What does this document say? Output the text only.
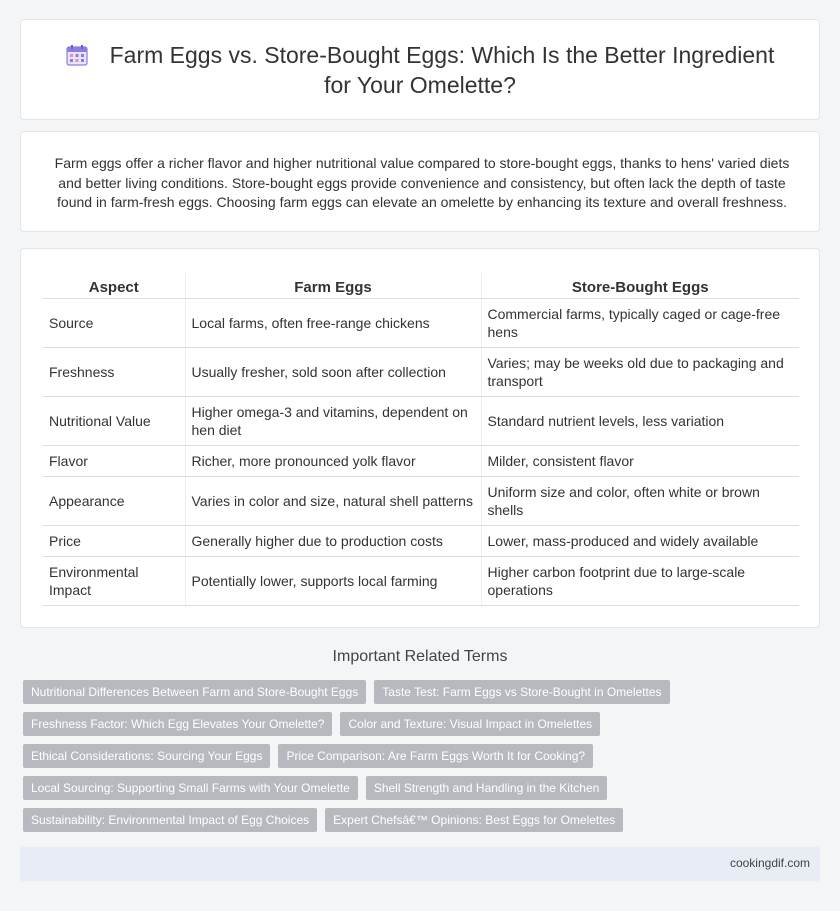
Farm Eggs vs. Store-Bought Eggs: Which Is the Better Ingredient for Your Omelette?

Farm eggs offer a richer flavor and higher nutritional value compared to store-bought eggs, thanks to hens' varied diets and better living conditions. Store-bought eggs provide convenience and consistency, but often lack the depth of taste found in farm-fresh eggs. Choosing farm eggs can elevate an omelette by enhancing its texture and overall freshness.

Aspect	Farm Eggs	Store-Bought Eggs
Source	Local farms, often free-range chickens	Commercial farms, typically caged or cage-free hens
Freshness	Usually fresher, sold soon after collection	Varies; may be weeks old due to packaging and transport
Nutritional Value	Higher omega-3 and vitamins, dependent on hen diet	Standard nutrient levels, less variation
Flavor	Richer, more pronounced yolk flavor	Milder, consistent flavor
Appearance	Varies in color and size, natural shell patterns	Uniform size and color, often white or brown shells
Price	Generally higher due to production costs	Lower, mass-produced and widely available
Environmental Impact	Potentially lower, supports local farming	Higher carbon footprint due to large-scale operations
Important Related Terms
Nutritional Differences Between Farm and Store-Bought Eggs	Taste Test: Farm Eggs vs Store-Bought in Omelettes
Freshness Factor: Which Egg Elevates Your Omelette?	Color and Texture: Visual Impact in Omelettes
Ethical Considerations: Sourcing Your Eggs	Price Comparison: Are Farm Eggs Worth It for Cooking?
Local Sourcing: Supporting Small Farms with Your Omelette	Shell Strength and Handling in the Kitchen
Sustainability: Environmental Impact of Egg Choices	Expert Chefsâ€™ Opinions: Best Eggs for Omelettes
cookingdif.com
